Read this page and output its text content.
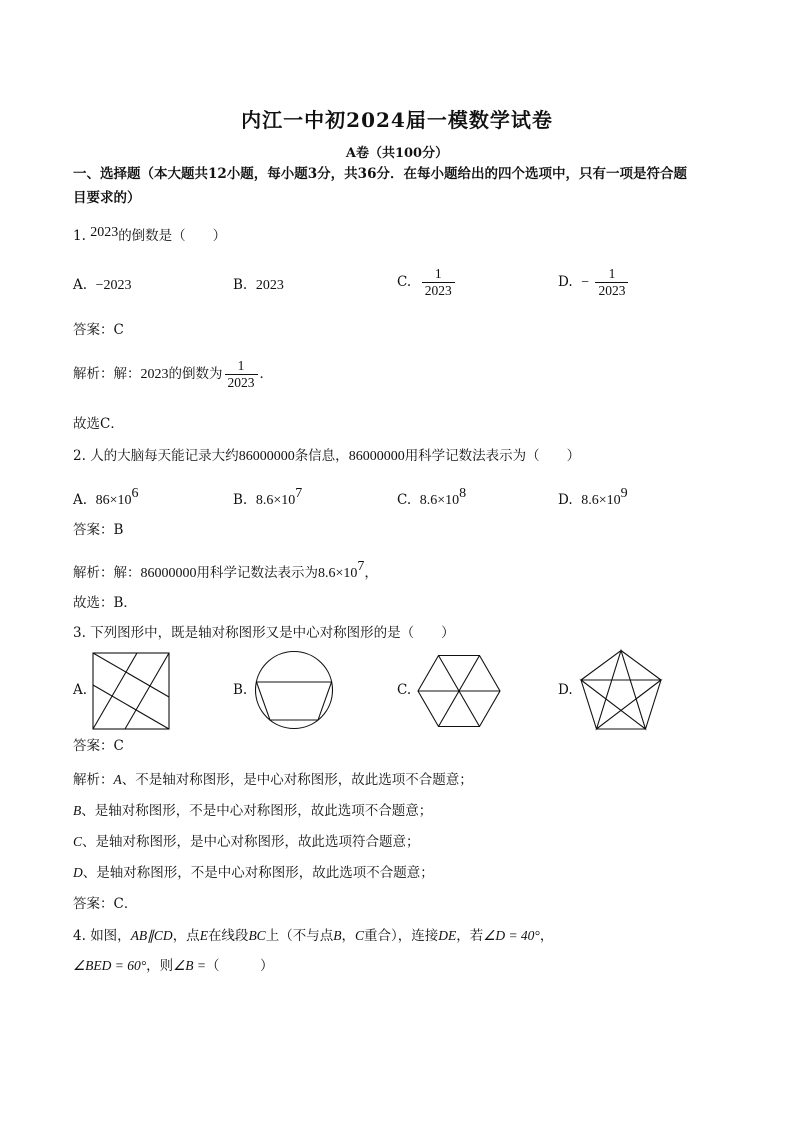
内江一中初2024届一模数学试卷
A卷（共100分）
一、选择题（本大题共12小题，每小题3分，共36分．在每小题给出的四个选项中，只有一项是符合题
目要求的）
1. 2023的倒数是（　　）
A. −2023	B. 2023	C. $\frac{1}{2023}$	D. − $\frac{1}{2023}$
答案：C
解析：解：2023的倒数为 $\frac{1}{2023}$ ．
故选C．
2. 人的大脑每天能记录大约86000000条信息，86000000用科学记数法表示为（　　）
A. $86\times 10^6$	B. $8.6\times 10^7$	C. $8.6\times 10^8$	D. $8.6\times 10^9$
答案：B
解析：解：86000000用科学记数法表示为$8.6\times 10^7$，
故选：B．
3. 下列图形中，既是轴对称图形又是中心对称图形的是（　　）
A.	B.	C.	D.
答案：C
解析：A、不是轴对称图形，是中心对称图形，故此选项不合题意；
B、是轴对称图形，不是中心对称图形，故此选项不合题意；
C、是轴对称图形，是中心对称图形，故此选项符合题意；
D、是轴对称图形，不是中心对称图形，故此选项不合题意；
答案：C．
4. 如图，AB∥CD，点E在线段BC上（不与点B，C重合），连接DE，若∠D = 40°，
∠BED = 60°，则∠B =（　　　）
